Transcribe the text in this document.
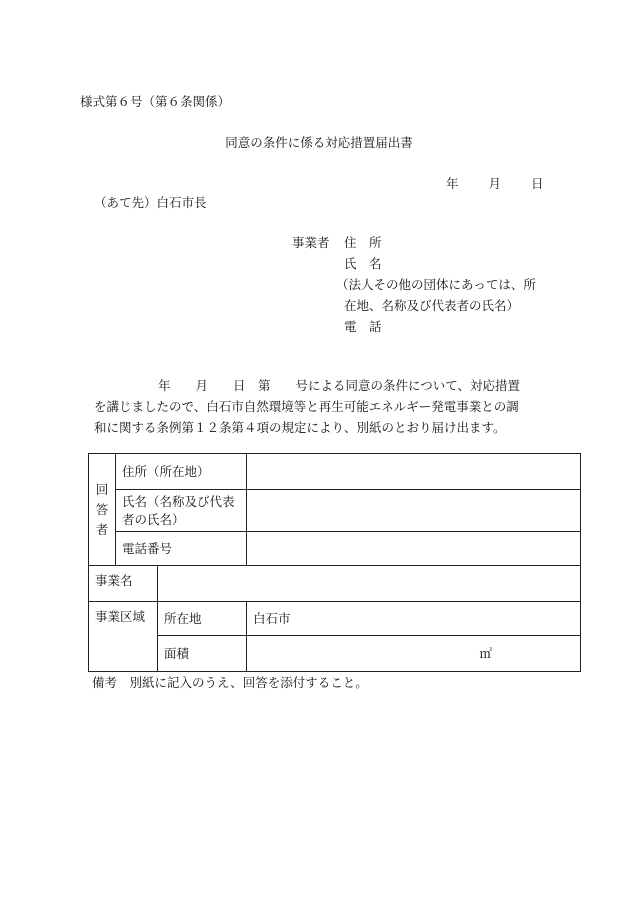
様式第６号（第６条関係）
同意の条件に係る対応措置届出書
年 月 日
（あて先）白石市長
事業者 住　所
氏　名
（法人その他の団体にあっては、所
在地、名称及び代表者の氏名）
電　話

年　　月　　日　第　　号による同意の条件について、対応措置

を講じましたので、白石市自然環境等と再生可能エネルギー発電事業との調

和に関する条例第１２条第４項の規定により、別紙のとおり届け出ます。

回
答
者	住所（所在地）		
	氏名（名称及び代表
者の氏名）		
	電話番号		
事業名			
事業区域		所在地	白石市
		面積	㎡
備考　別紙に記入のうえ、回答を添付すること。
